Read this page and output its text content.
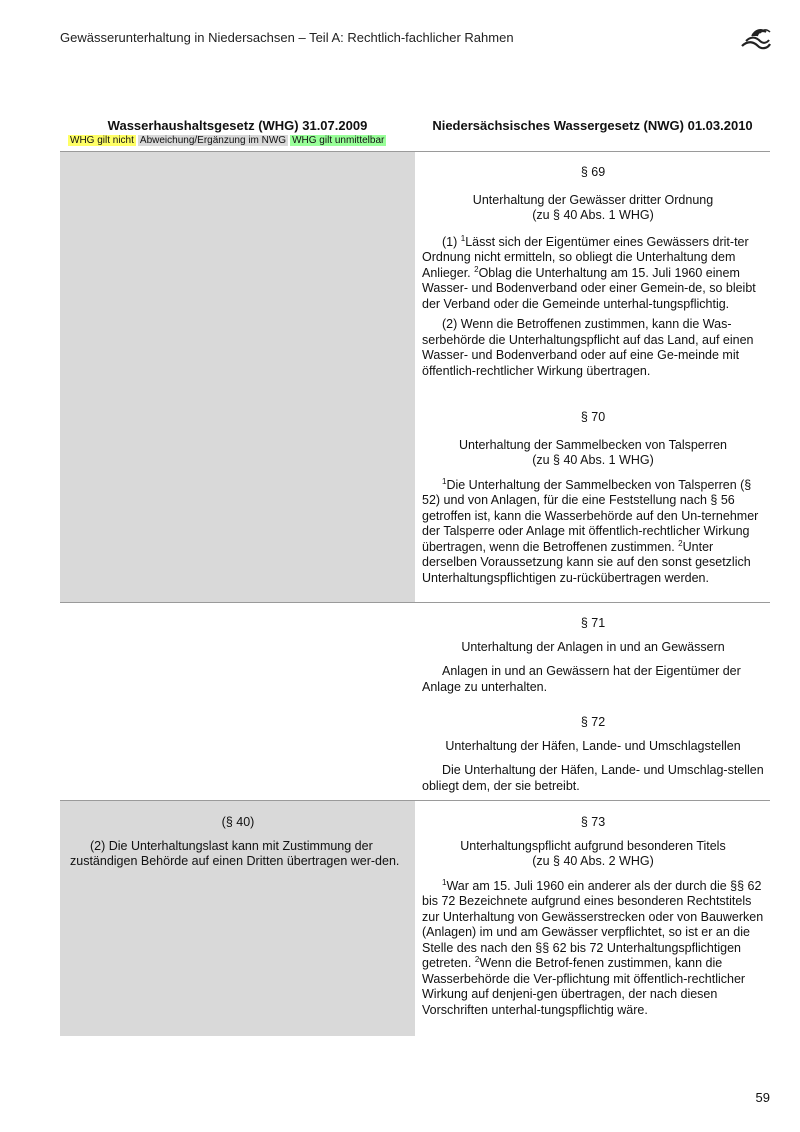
Gewässerunterhaltung in Niedersachsen – Teil A: Rechtlich-fachlicher Rahmen
Wasserhaushaltsgesetz (WHG) 31.07.2009	Niedersächsisches Wassergesetz (NWG) 01.03.2010
WHG gilt nicht Abweichung/Ergänzung im NWG WHG gilt unmittelbar

§ 69

Unterhaltung der Gewässer dritter Ordnung

(zu § 40 Abs. 1 WHG)

(1) $^1$Lässt sich der Eigentümer eines Gewässers drit-ter Ordnung nicht ermitteln, so obliegt die Unterhaltung dem Anlieger. $^2$Oblag die Unterhaltung am 15. Juli 1960 einem Wasser- und Bodenverband oder einer Gemein-de, so bleibt der Verband oder die Gemeinde unterhal-tungspflichtig.

(2) Wenn die Betroffenen zustimmen, kann die Was-serbehörde die Unterhaltungspflicht auf das Land, auf einen Wasser- und Bodenverband oder auf eine Ge-meinde mit öffentlich-rechtlicher Wirkung übertragen.

§ 70

Unterhaltung der Sammelbecken von Talsperren

(zu § 40 Abs. 1 WHG)

$^1$Die Unterhaltung der Sammelbecken von Talsperren (§ 52) und von Anlagen, für die eine Feststellung nach § 56 getroffen ist, kann die Wasserbehörde auf den Un-ternehmer der Talsperre oder Anlage mit öffentlich-rechtlicher Wirkung übertragen, wenn die Betroffenen zustimmen. $^2$Unter derselben Voraussetzung kann sie auf den sonst gesetzlich Unterhaltungspflichtigen zu-rückübertragen werden.

§ 71

Unterhaltung der Anlagen in und an Gewässern

Anlagen in und an Gewässern hat der Eigentümer der Anlage zu unterhalten.

§ 72

Unterhaltung der Häfen, Lande- und Umschlagstellen

Die Unterhaltung der Häfen, Lande- und Umschlag-stellen obliegt dem, der sie betreibt.

(§ 40)

(2) Die Unterhaltungslast kann mit Zustimmung der zuständigen Behörde auf einen Dritten übertragen wer-den.

§ 73

Unterhaltungspflicht aufgrund besonderen Titels

(zu § 40 Abs. 2 WHG)

$^1$War am 15. Juli 1960 ein anderer als der durch die §§ 62 bis 72 Bezeichnete aufgrund eines besonderen Rechtstitels zur Unterhaltung von Gewässerstrecken oder von Bauwerken (Anlagen) im und am Gewässer verpflichtet, so ist er an die Stelle des nach den §§ 62 bis 72 Unterhaltungspflichtigen getreten. $^2$Wenn die Betrof-fenen zustimmen, kann die Wasserbehörde die Ver-pflichtung mit öffentlich-rechtlicher Wirkung auf denjeni-gen übertragen, der nach diesen Vorschriften unterhal-tungspflichtig wäre.

59
